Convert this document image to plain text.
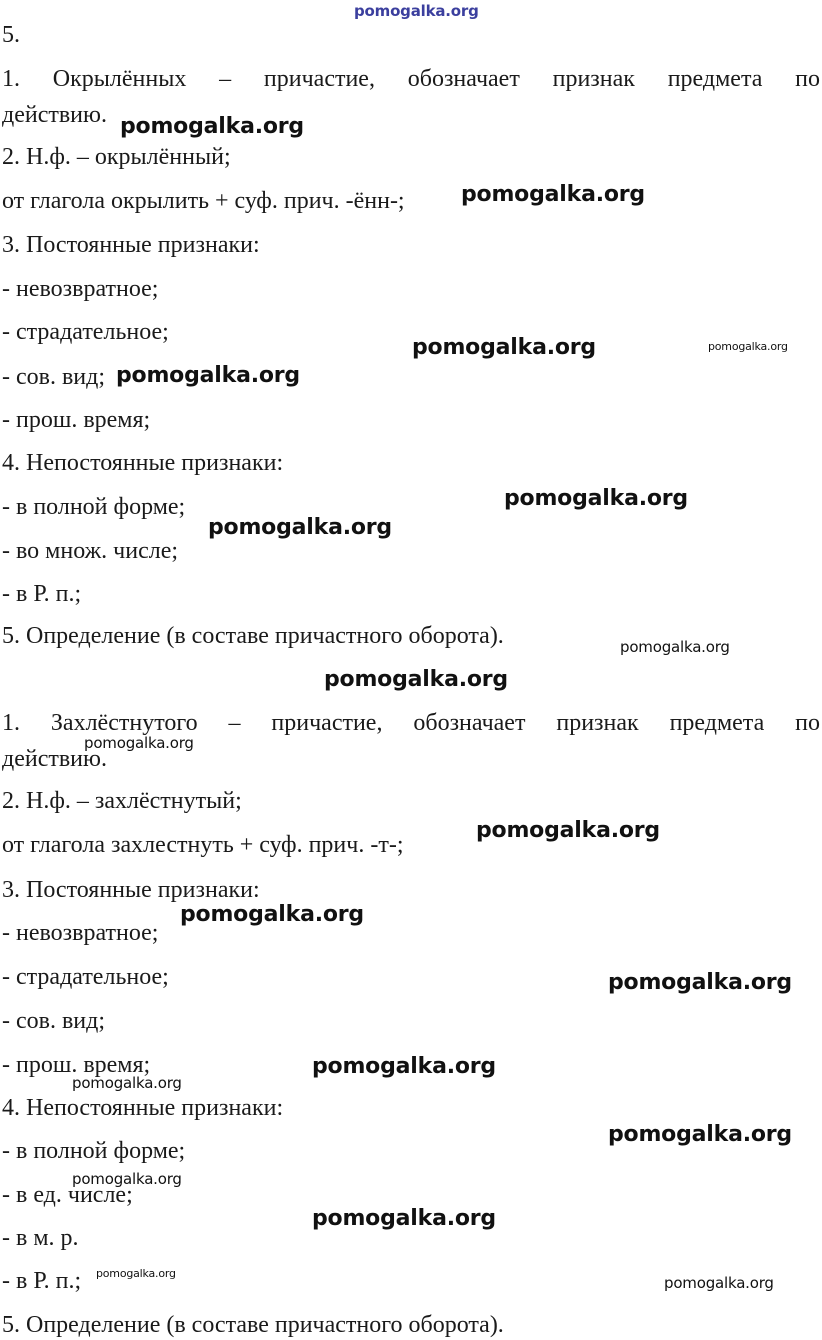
pomogalka.org
5.
1. Окрылённых – причастие, обозначает признак предмета по
действию.
2. Н.ф. – окрылённый;
от глагола окрылить + суф. прич. -ённ-;
3. Постоянные признаки:
- невозвратное;
- страдательное;
- сов. вид;
- прош. время;
4. Непостоянные признаки:
- в полной форме;
- во множ. числе;
- в Р. п.;
5. Определение (в составе причастного оборота).
1. Захлёстнутого – причастие, обозначает признак предмета по
действию.
2. Н.ф. – захлёстнутый;
от глагола захлестнуть + суф. прич. -т-;
3. Постоянные признаки:
- невозвратное;
- страдательное;
- сов. вид;
- прош. время;
4. Непостоянные признаки:
- в полной форме;
- в ед. числе;
- в м. р.
- в Р. п.;
5. Определение (в составе причастного оборота).
pomogalka.org
pomogalka.org
pomogalka.org	pomogalka.org
pomogalka.org
pomogalka.org
pomogalka.org
pomogalka.org
pomogalka.org
pomogalka.org
pomogalka.org
pomogalka.org
pomogalka.org
pomogalka.org
pomogalka.org
pomogalka.org
pomogalka.org
pomogalka.org
pomogalka.org
pomogalka.org
